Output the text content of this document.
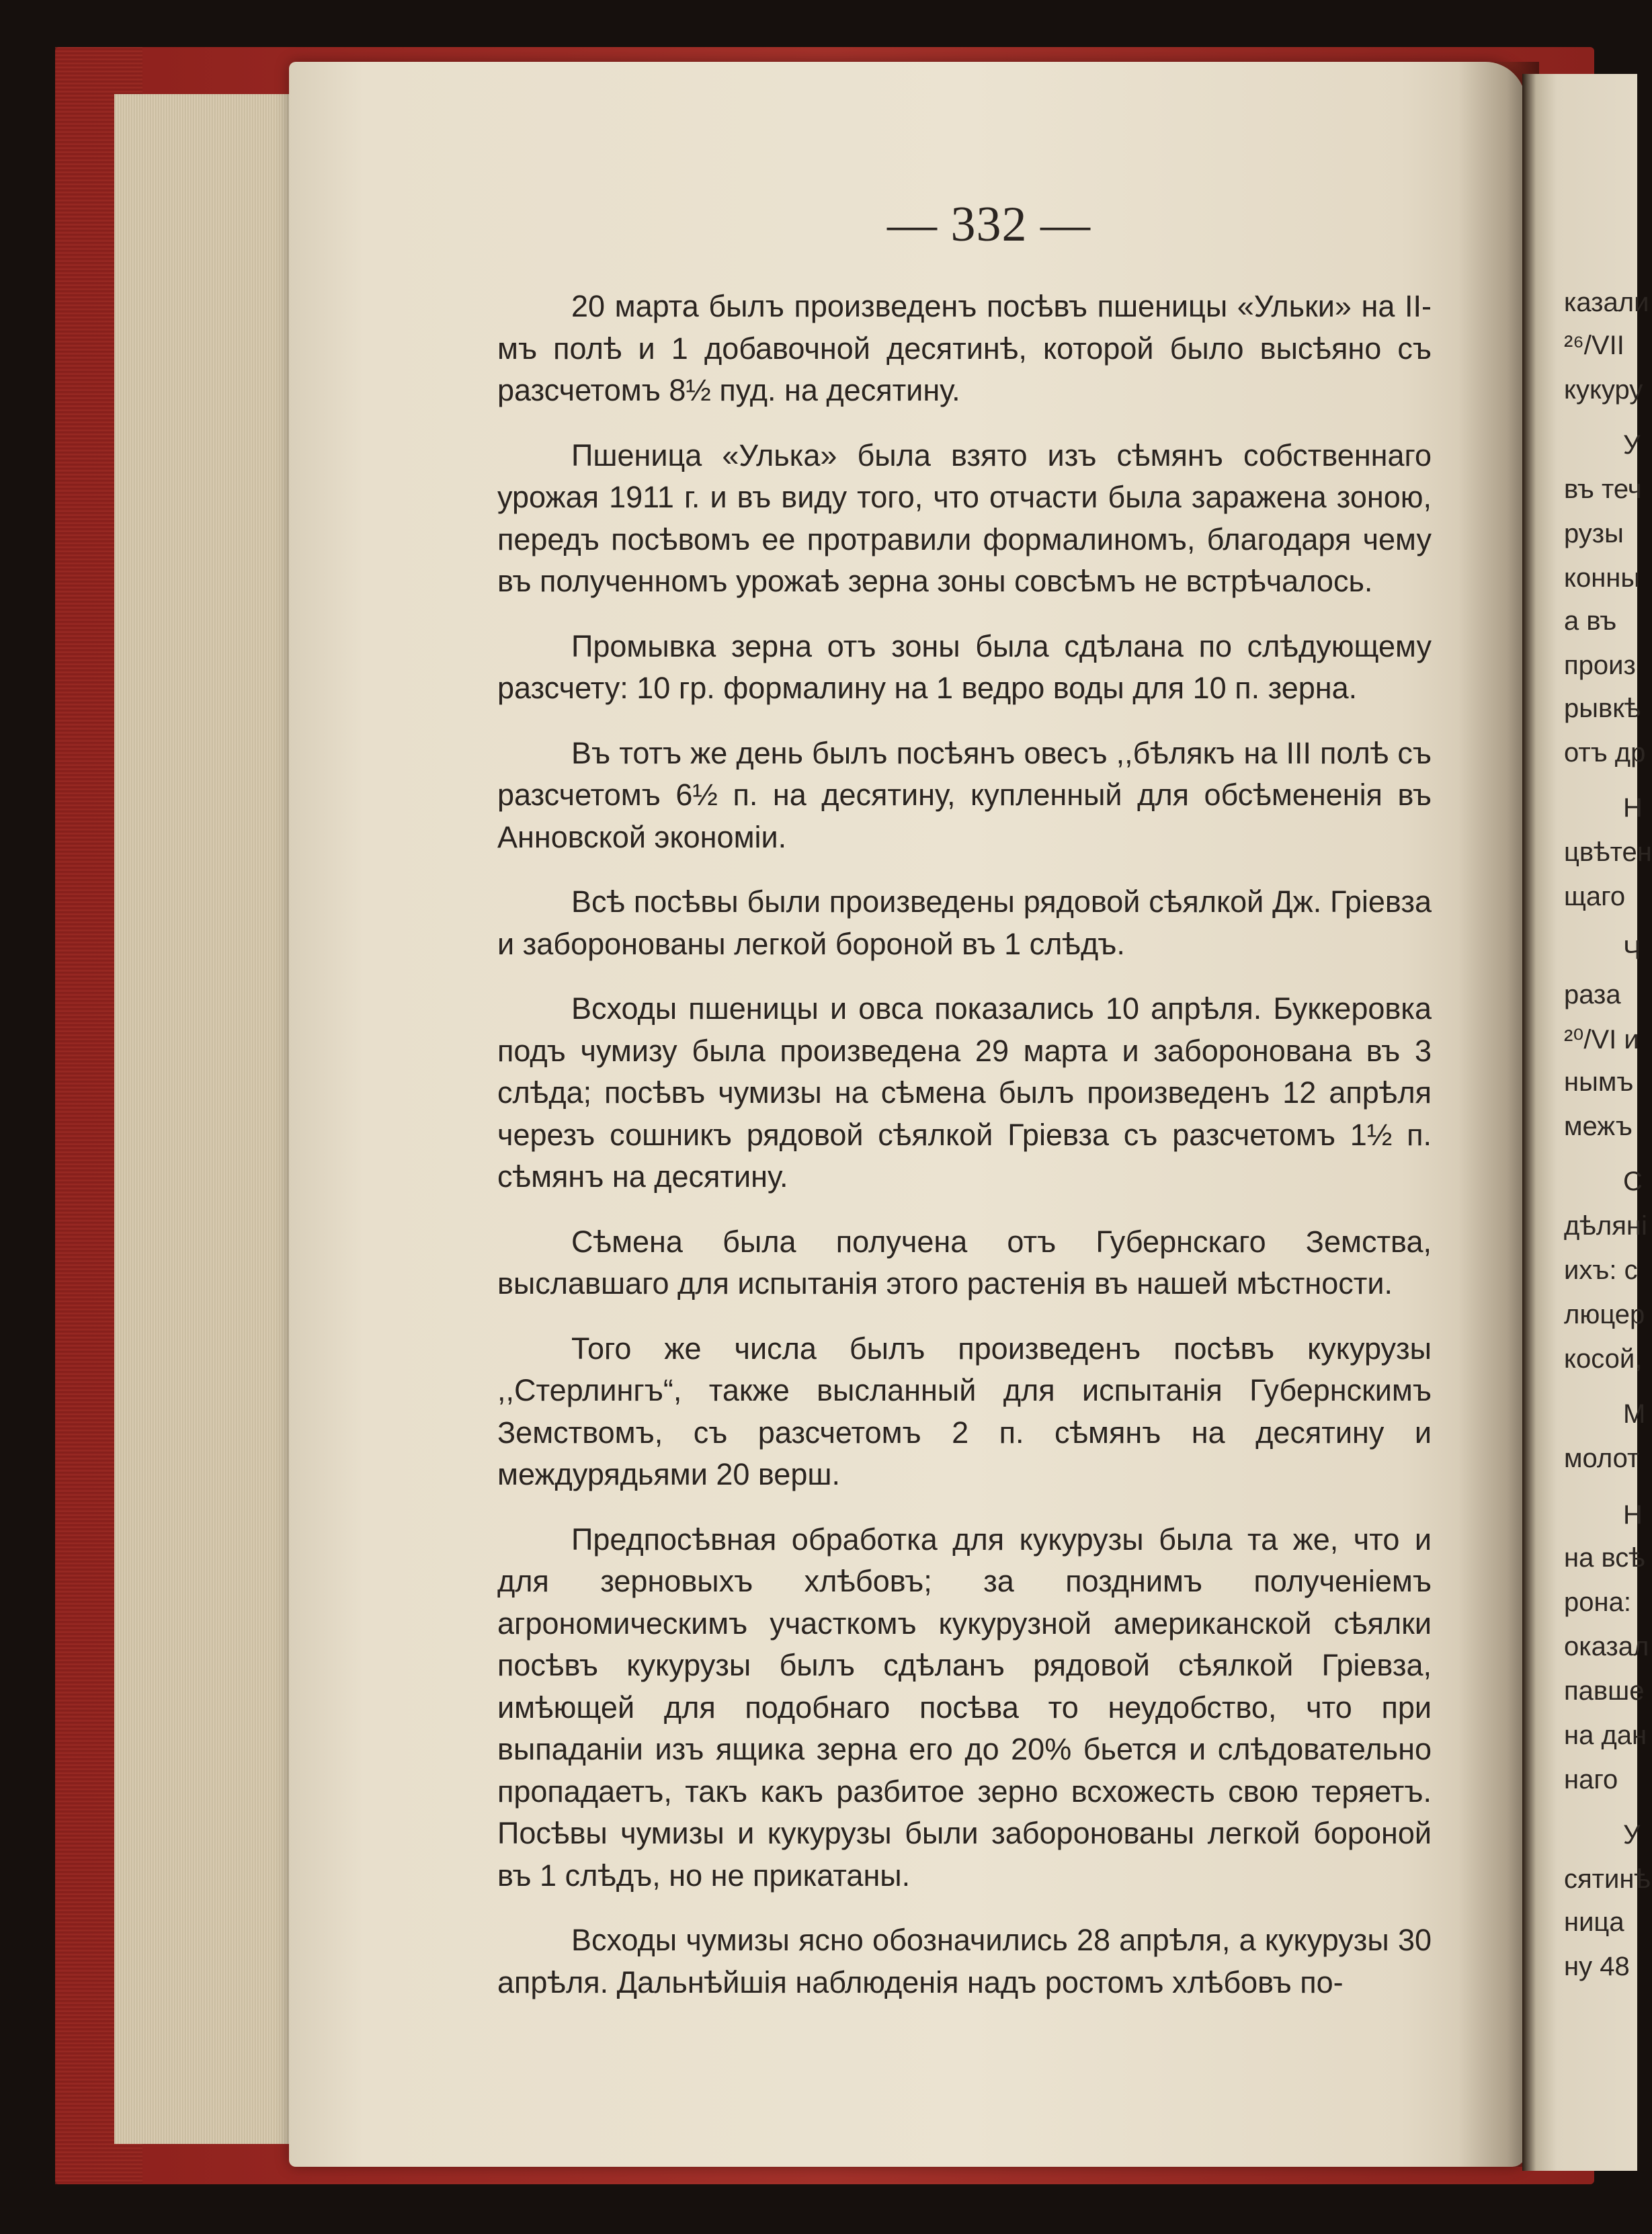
— 332 —

20 марта былъ произведенъ посѣвъ пшеницы «Ульки» на II-мъ полѣ и 1 добавочной десятинѣ, которой было высѣяно съ разсчетомъ 8½ пуд. на десятину.

Пшеница «Улька» была взято изъ сѣмянъ собственнаго урожая 1911 г. и въ виду того, что отчасти была заражена зоною, передъ посѣвомъ ее протравили формалиномъ, благодаря чему въ полученномъ урожаѣ зерна зоны совсѣмъ не встрѣчалось.

Промывка зерна отъ зоны была сдѣлана по слѣдующему разсчету: 10 гр. формалину на 1 ведро воды для 10 п. зерна.

Въ тотъ же день былъ посѣянъ овесъ ,,бѣлякъ на III полѣ съ разсчетомъ 6½ п. на десятину, купленный для обсѣмененія въ Анновской экономіи.

Всѣ посѣвы были произведены рядовой сѣялкой Дж. Гріевза и заборонованы легкой бороной въ 1 слѣдъ.

Всходы пшеницы и овса показались 10 апрѣля. Буккеровка подъ чумизу была произведена 29 марта и заборонована въ 3 слѣда; посѣвъ чумизы на сѣмена былъ произведенъ 12 апрѣля черезъ сошникъ рядовой сѣялкой Гріевза съ разсчетомъ 1½ п. сѣмянъ на десятину.

Сѣмена была получена отъ Губернскаго Земства, выславшаго для испытанія этого растенія въ нашей мѣстности.

Того же числа былъ произведенъ посѣвъ кукурузы ,,Стерлингъ“, также высланный для испытанія Губернскимъ Земствомъ, съ разсчетомъ 2 п. сѣмянъ на десятину и междурядьями 20 верш.

Предпосѣвная обработка для кукурузы была та же, что и для зерновыхъ хлѣбовъ; за позднимъ полученіемъ агрономическимъ участкомъ кукурузной американской сѣялки посѣвъ кукурузы былъ сдѣланъ рядовой сѣялкой Гріевза, имѣющей для подобнаго посѣва то неудобство, что при выпаданіи изъ ящика зерна его до 20% бьется и слѣдовательно пропадаетъ, такъ какъ разбитое зерно всхожесть свою теряетъ. Посѣвы чумизы и кукурузы были заборонованы легкой бороной въ 1 слѣдъ, но не прикатаны.

Всходы чумизы ясно обозначились 28 апрѣля, а кукурузы 30 апрѣля. Дальнѣйшія наблюденія надъ ростомъ хлѣбовъ по-

казали

²⁶/VII

кукуру

У

въ теч

рузы

конны

а въ

произ

рывкѣ

отъ др

Н

цвѣтен

щаго

Ч

раза

²⁰/VI и

нымъ

межъ

С

дѣляні

ихъ: с

люцер

косой,

М

молот

Н

на всѣ

рона:

оказал

павше

на дан

наго

У

сятинѣ

ница

ну 48
